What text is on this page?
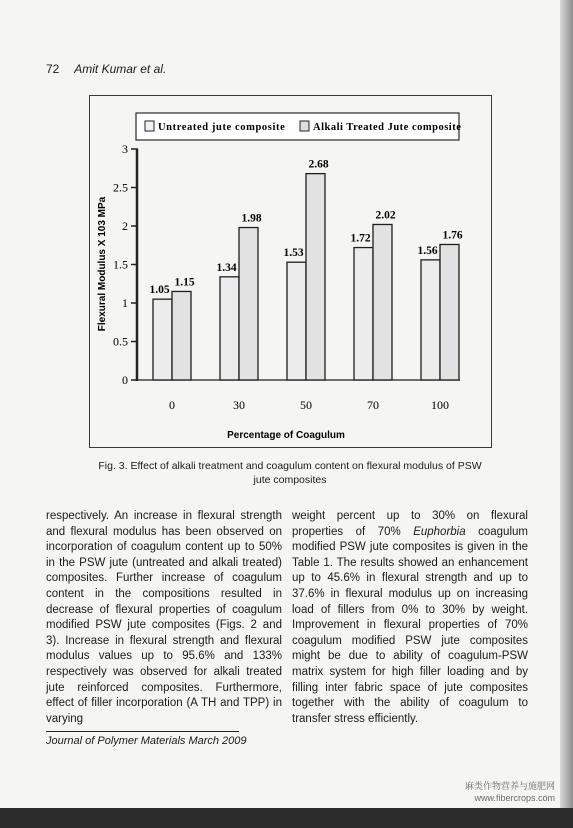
72 Amit Kumar et al.
Untreated jute composite	Alkali Treated Jute composite
0
0.5
1
1.5
2
2.5
3
1.05
1.15
1.34
1.98
1.53
2.68
1.72
2.02
1.56
1.76
0	30	50	70	100
Flexural Modulus X 103 MPa
Percentage of Coagulum
Fig. 3. Effect of alkali treatment and coagulum content on flexural modulus of PSW jute composites
respectively. An increase in flexural strength and flexural modulus has been observed on incorporation of coagulum content up to 50% in the PSW jute (untreated and alkali treated) composites. Further increase of coagulum content in the compositions resulted in decrease of flexural properties of coagulum modified PSW jute composites (Figs. 2 and 3). Increase in flexural strength and flexural modulus values up to 95.6% and 133% respectively was observed for alkali treated jute reinforced composites. Furthermore, effect of filler incorporation (A TH and TPP) in varying
weight percent up to 30% on flexural properties of 70% Euphorbia coagulum modified PSW jute composites is given in the Table 1. The results showed an enhancement up to 45.6% in flexural strength and up to 37.6% in flexural modulus up on increasing load of fillers from 0% to 30% by weight. Improvement in flexural properties of 70% coagulum modified PSW jute composites might be due to ability of coagulum-PSW matrix system for high filler loading and by filling inter fabric space of jute composites together with the ability of coagulum to transfer stress efficiently.
Journal of Polymer Materials March 2009
麻类作物营养与施肥网
www.fibercrops.com
